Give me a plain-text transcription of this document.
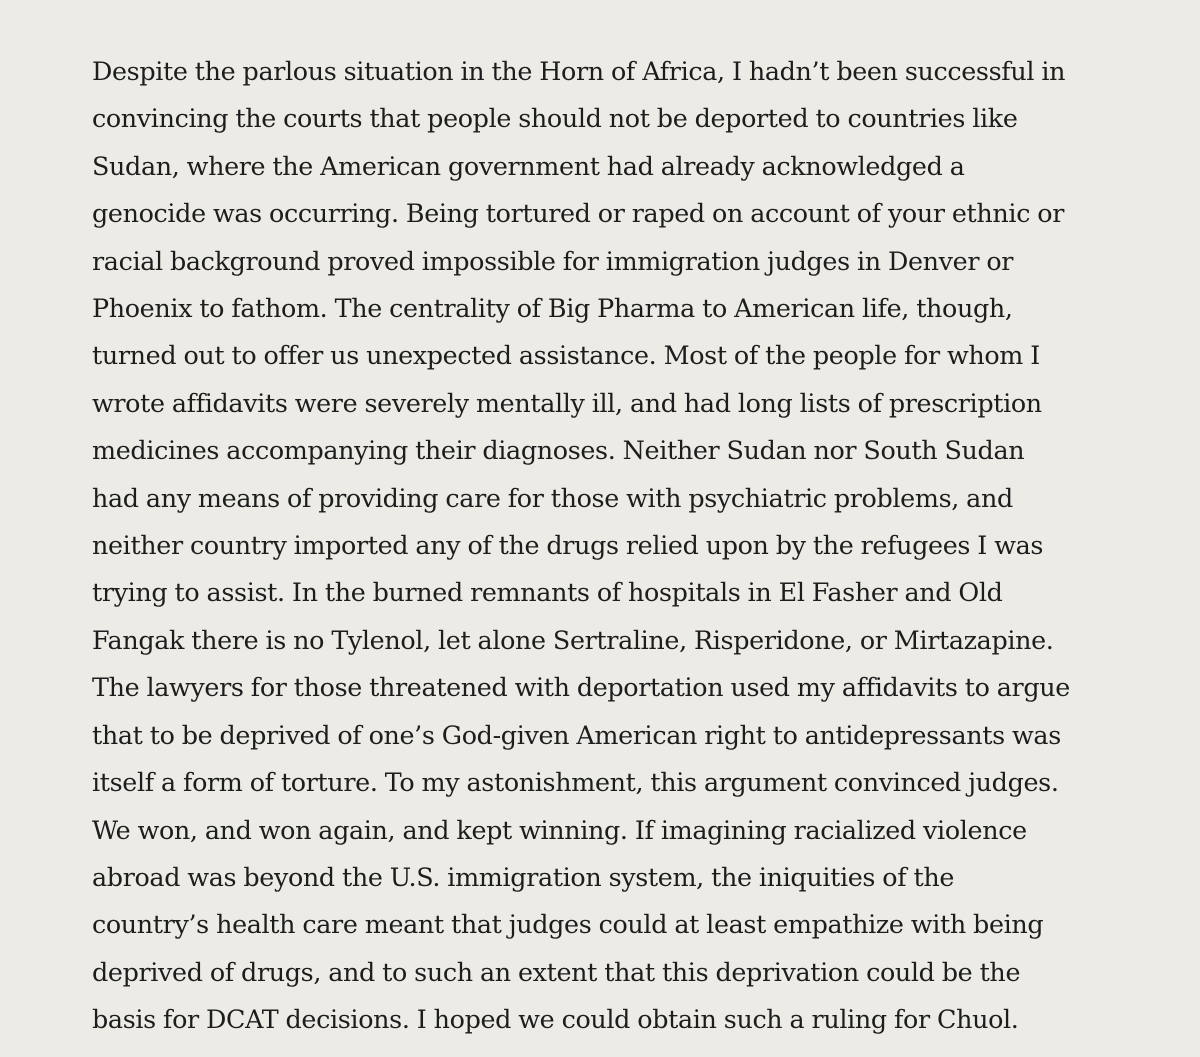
Despite the parlous situation in the Horn of Africa, I hadn’t been successful in
convincing the courts that people should not be deported to countries like
Sudan, where the American government had already acknowledged a
genocide was occurring. Being tortured or raped on account of your ethnic or
racial background proved impossible for immigration judges in Denver or
Phoenix to fathom. The centrality of Big Pharma to American life, though,
turned out to offer us unexpected assistance. Most of the people for whom I
wrote affidavits were severely mentally ill, and had long lists of prescription
medicines accompanying their diagnoses. Neither Sudan nor South Sudan
had any means of providing care for those with psychiatric problems, and
neither country imported any of the drugs relied upon by the refugees I was
trying to assist. In the burned remnants of hospitals in El Fasher and Old
Fangak there is no Tylenol, let alone Sertraline, Risperidone, or Mirtazapine.
The lawyers for those threatened with deportation used my affidavits to argue
that to be deprived of one’s God-given American right to antidepressants was
itself a form of torture. To my astonishment, this argument convinced judges.
We won, and won again, and kept winning. If imagining racialized violence
abroad was beyond the U.S. immigration system, the iniquities of the
country’s health care meant that judges could at least empathize with being
deprived of drugs, and to such an extent that this deprivation could be the
basis for DCAT decisions. I hoped we could obtain such a ruling for Chuol.
